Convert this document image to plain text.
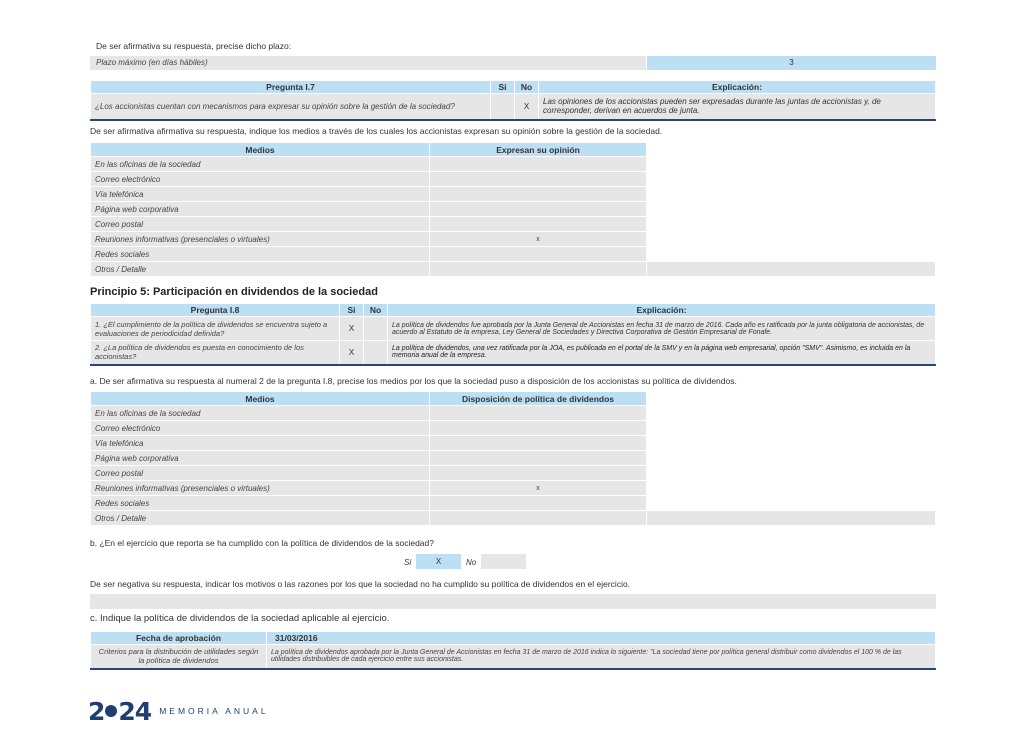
De ser afirmativa su respuesta, precise dicho plazo:
Plazo máximo (en días hábiles)	3
Pregunta I.7	Si	No	Explicación:
¿Los accionistas cuentan con mecanismos para expresar su opinión sobre la gestión de la sociedad?		X	Las opiniones de los accionistas pueden ser expresadas durante las juntas de accionistas y, de corresponder, derivan en acuerdos de junta.
De ser afirmativa afirmativa su respuesta, indique los medios a través de los cuales los accionistas expresan su opinión sobre la gestión de la sociedad.
Medios	Expresan su opinión	
En las oficinas de la sociedad		
Correo electrónico		
Vía telefónica		
Página web corporativa		
Correo postal		
Reuniones informativas (presenciales o virtuales)	x	
Redes sociales		
Otros / Detalle		
Principio 5: Participación en dividendos de la sociedad
Pregunta I.8	Si	No	Explicación:
1. ¿El cumplimiento de la política de dividendos se encuentra sujeto a evaluaciones de periodicidad definida?	X		La política de dividendos fue aprobada por la Junta General de Accionistas en fecha 31 de marzo de 2016. Cada año es ratificada por la junta obligatoria de accionistas, de acuerdo al Estatuto de la empresa, Ley General de Sociedades y Directiva Corporativa de Gestión Empresarial de Fonafe.
2. ¿La política de dividendos es puesta en conocimiento de los accionistas?	X		La política de dividendos, una vez ratificada por la JOA, es publicada en el portal de la SMV y en la página web empresarial, opción "SMV". Asimismo, es incluida en la memoria anual de la empresa.
a. De ser afirmativa su respuesta al numeral 2 de la pregunta I.8, precise los medios por los que la sociedad puso a disposición de los accionistas su política de dividendos.
Medios	Disposición de política de dividendos	
En las oficinas de la sociedad		
Correo electrónico		
Vía telefónica		
Página web corporativa		
Correo postal		
Reuniones informativas (presenciales o virtuales)	x	
Redes sociales		
Otros / Detalle		
b. ¿En el ejercicio que reporta se ha cumplido con la política de dividendos de la sociedad?
Si	X	No
De ser negativa su respuesta, indicar los motivos o las razones por los que la sociedad no ha cumplido su política de dividendos en el ejercicio.
c. Indique la política de dividendos de la sociedad aplicable al ejercicio.
Fecha de aprobación	31/03/2016
Criterios para la distribución de utilidades según la política de dividendos	La política de dividendos aprobada por la Junta General de Accionistas en fecha 31 de marzo de 2016 indica lo siguiente: "La sociedad tiene por política general distribuir como dividendos el 100 % de las utilidades distribuibles de cada ejercicio entre sus accionistas.
2 24 MEMORIA ANUAL
